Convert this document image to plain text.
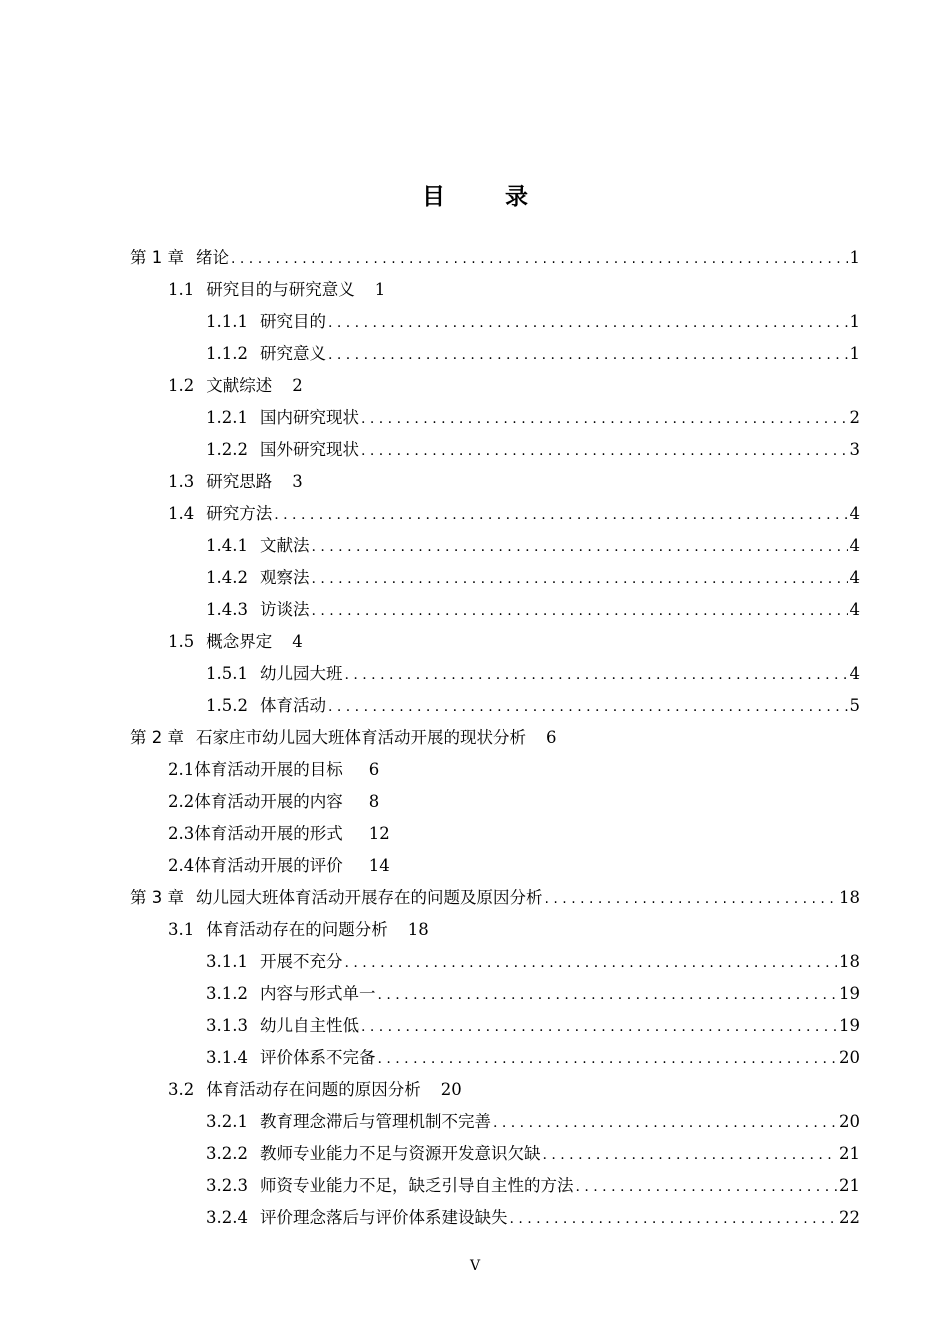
目 录
第 1 章 绪论 . . .	1
1.1 研究目的与研究意义 1
1.1.1 研究目的 . . .	1
1.1.2 研究意义 . . .	1
1.2 文献综述 2
1.2.1 国内研究现状 . . .	2
1.2.2 国外研究现状 . . .	3
1.3 研究思路 3
1.4 研究方法 . . .	4
1.4.1 文献法 . . .	4
1.4.2 观察法 . . .	4
1.4.3 访谈法 . . .	4
1.5 概念界定 4
1.5.1 幼儿园大班 . . .	4
1.5.2 体育活动 . . .	5
第 2 章 石家庄市幼儿园大班体育活动开展的现状分析 6
2.1 体育活动开展的目标 6
2.2 体育活动开展的内容 8
2.3 体育活动开展的形式 12
2.4 体育活动开展的评价 14
第 3 章 幼儿园大班体育活动开展存在的问题及原因分析 . . .	18
3.1 体育活动存在的问题分析 18
3.1.1 开展不充分 . . .	18
3.1.2 内容与形式单一 . . .	19
3.1.3 幼儿自主性低 . . .	19
3.1.4 评价体系不完备 . . .	20
3.2 体育活动存在问题的原因分析 20
3.2.1 教育理念滞后与管理机制不完善 . . .	20
3.2.2 教师专业能力不足与资源开发意识欠缺 . . .	21
3.2.3 师资专业能力不足，缺乏引导自主性的方法 . . .	21
3.2.4 评价理念落后与评价体系建设缺失 . . .	22
V
